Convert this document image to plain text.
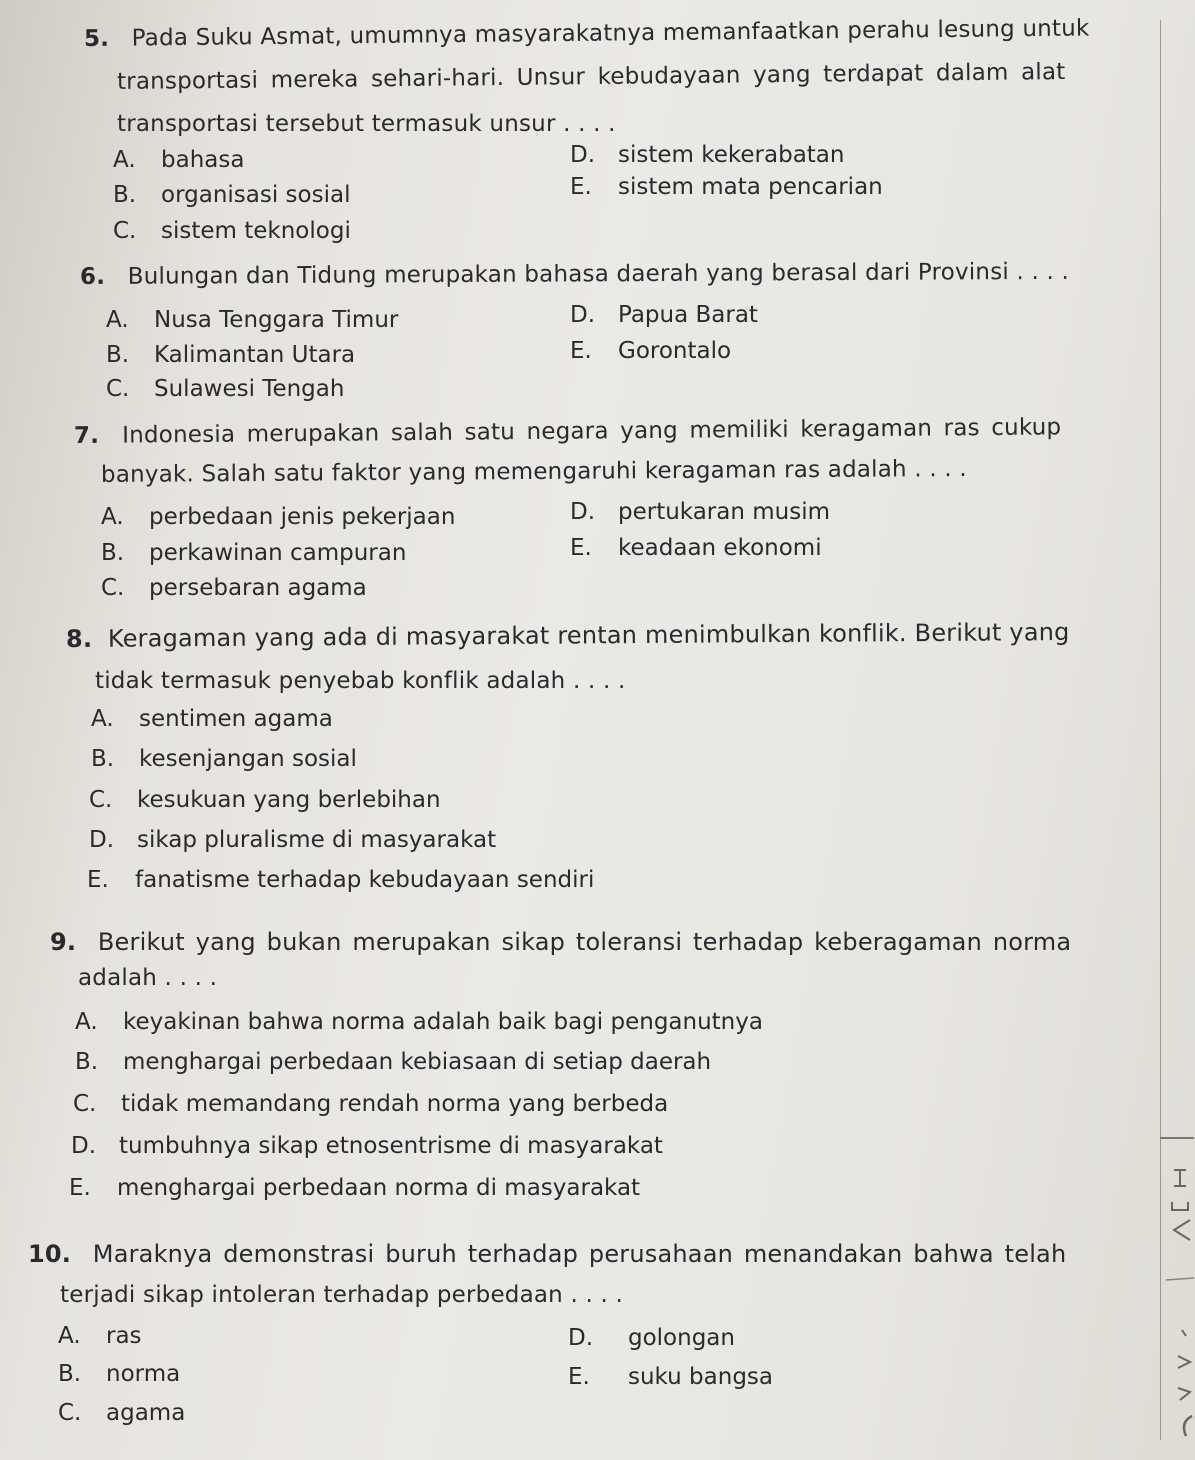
5. Pada Suku Asmat, umumnya masyarakatnya memanfaatkan perahu lesung untuk
transportasi mereka sehari-hari. Unsur kebudayaan yang terdapat dalam alat
transportasi tersebut termasuk unsur . . . .
A. bahasa
B. organisasi sosial
C. sistem teknologi
D. sistem kekerabatan
E. sistem mata pencarian
6. Bulungan dan Tidung merupakan bahasa daerah yang berasal dari Provinsi . . . .
A. Nusa Tenggara Timur
B. Kalimantan Utara
C. Sulawesi Tengah
D. Papua Barat
E. Gorontalo
7. Indonesia merupakan salah satu negara yang memiliki keragaman ras cukup
banyak. Salah satu faktor yang memengaruhi keragaman ras adalah . . . .
A. perbedaan jenis pekerjaan
B. perkawinan campuran
C. persebaran agama
D. pertukaran musim
E. keadaan ekonomi
8. Keragaman yang ada di masyarakat rentan menimbulkan konflik. Berikut yang
tidak termasuk penyebab konflik adalah . . . .
A. sentimen agama
B. kesenjangan sosial
C. kesukuan yang berlebihan
D. sikap pluralisme di masyarakat
E. fanatisme terhadap kebudayaan sendiri
9. Berikut yang bukan merupakan sikap toleransi terhadap keberagaman norma
adalah . . . .
A. keyakinan bahwa norma adalah baik bagi penganutnya
B. menghargai perbedaan kebiasaan di setiap daerah
C. tidak memandang rendah norma yang berbeda
D. tumbuhnya sikap etnosentrisme di masyarakat
E. menghargai perbedaan norma di masyarakat
10. Maraknya demonstrasi buruh terhadap perusahaan menandakan bahwa telah
terjadi sikap intoleran terhadap perbedaan . . . .
A. ras
B. norma
C. agama
D. golongan
E. suku bangsa
